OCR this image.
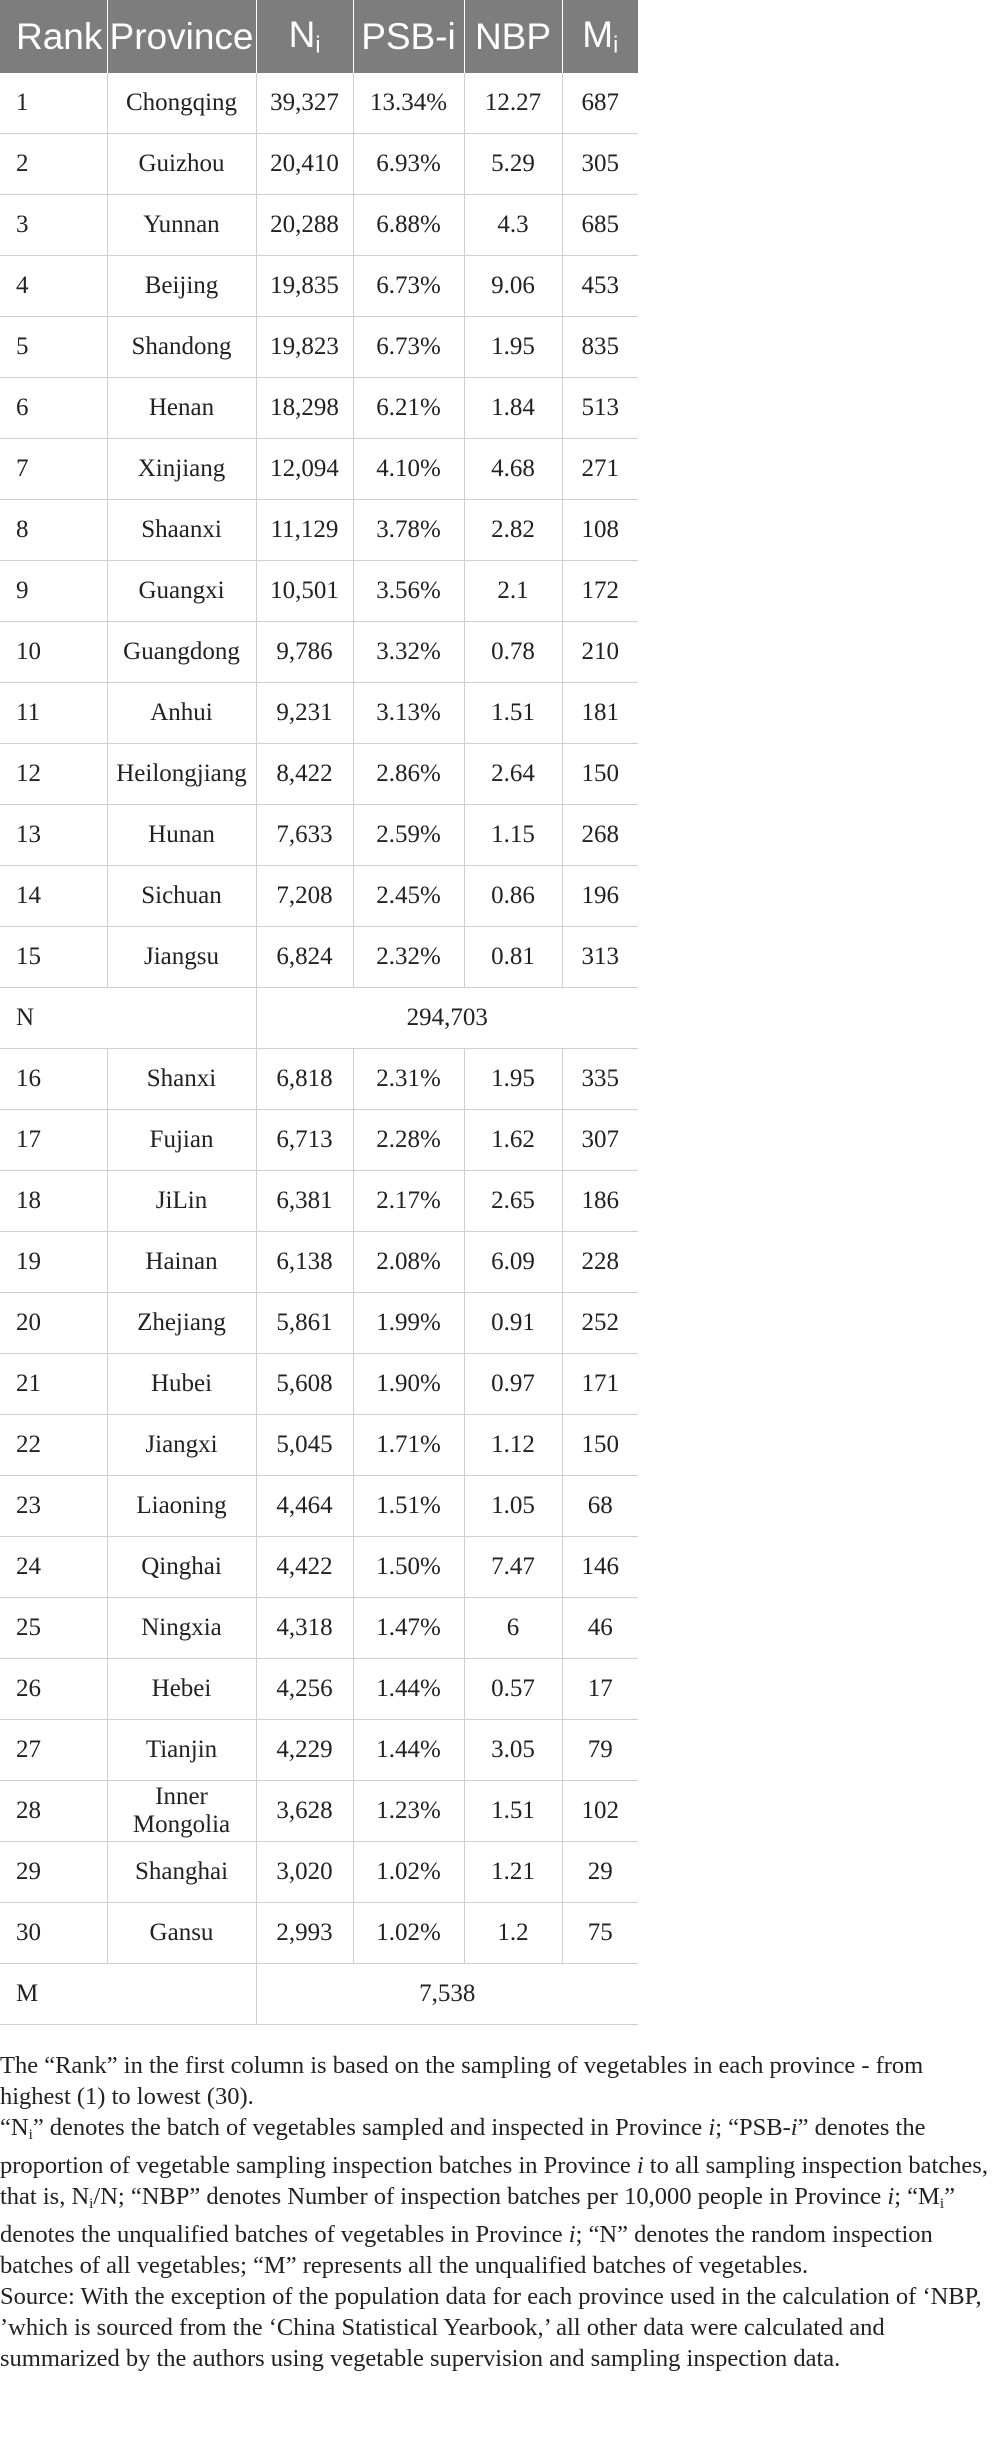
Rank	Province	$N_i$	PSB-i	NBP	$M_i$
1	Chongqing	39,327	13.34%	12.27	687
2	Guizhou	20,410	6.93%	5.29	305
3	Yunnan	20,288	6.88%	4.3	685
4	Beijing	19,835	6.73%	9.06	453
5	Shandong	19,823	6.73%	1.95	835
6	Henan	18,298	6.21%	1.84	513
7	Xinjiang	12,094	4.10%	4.68	271
8	Shaanxi	11,129	3.78%	2.82	108
9	Guangxi	10,501	3.56%	2.1	172
10	Guangdong	9,786	3.32%	0.78	210
11	Anhui	9,231	3.13%	1.51	181
12	Heilongjiang	8,422	2.86%	2.64	150
13	Hunan	7,633	2.59%	1.15	268
14	Sichuan	7,208	2.45%	0.86	196
15	Jiangsu	6,824	2.32%	0.81	313
N		294,703			
16	Shanxi	6,818	2.31%	1.95	335
17	Fujian	6,713	2.28%	1.62	307
18	JiLin	6,381	2.17%	2.65	186
19	Hainan	6,138	2.08%	6.09	228
20	Zhejiang	5,861	1.99%	0.91	252
21	Hubei	5,608	1.90%	0.97	171
22	Jiangxi	5,045	1.71%	1.12	150
23	Liaoning	4,464	1.51%	1.05	68
24	Qinghai	4,422	1.50%	7.47	146
25	Ningxia	4,318	1.47%	6	46
26	Hebei	4,256	1.44%	0.57	17
27	Tianjin	4,229	1.44%	3.05	79
28	Inner Mongolia	3,628	1.23%	1.51	102
29	Shanghai	3,020	1.02%	1.21	29
30	Gansu	2,993	1.02%	1.2	75
M		7,538			

The “Rank” in the first column is based on the sampling of vegetables in each province - from highest (1) to lowest (30).

“$N_i$” denotes the batch of vegetables sampled and inspected in Province i; “PSB-i” denotes the proportion of vegetable sampling inspection batches in Province i to all sampling inspection batches, that is, $N_i/N$; “NBP” denotes Number of inspection batches per 10,000 people in Province i; “$M_i$” denotes the unqualified batches of vegetables in Province i; “N” denotes the random inspection batches of all vegetables; “M” represents all the unqualified batches of vegetables.

Source: With the exception of the population data for each province used in the calculation of ‘NBP, ’which is sourced from the ‘China Statistical Yearbook,’ all other data were calculated and summarized by the authors using vegetable supervision and sampling inspection data.
